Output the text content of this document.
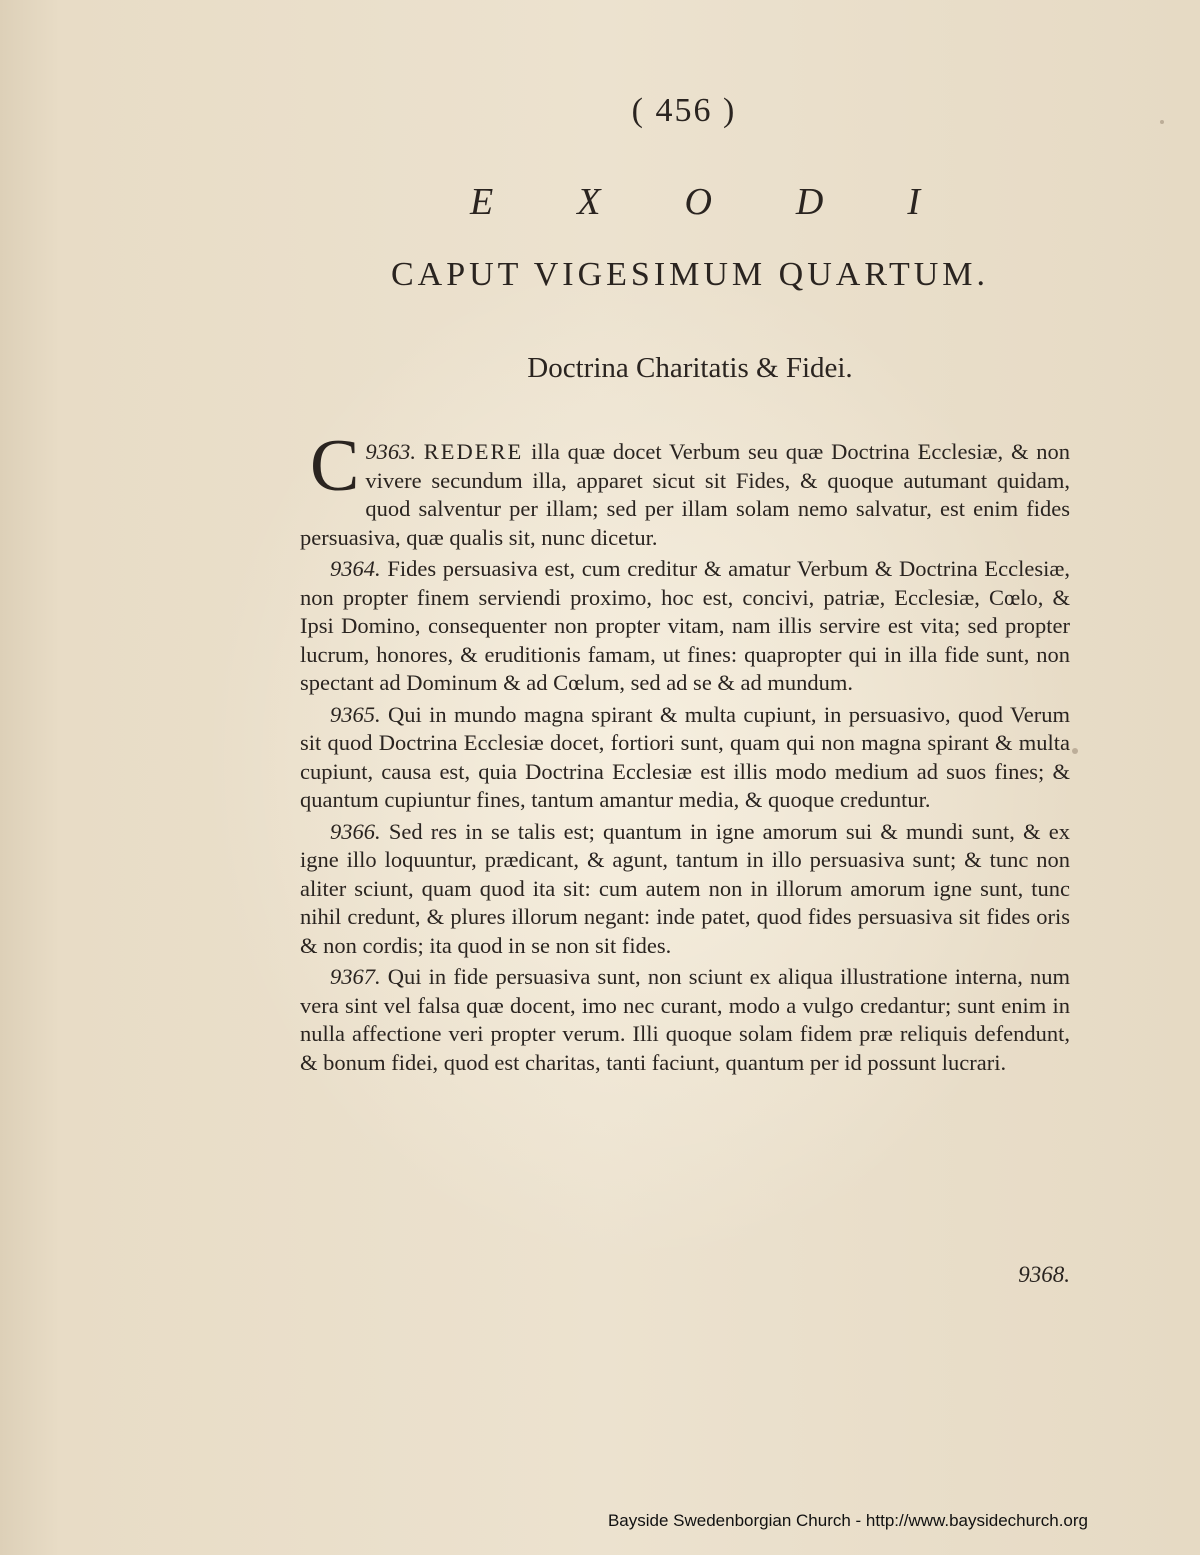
( 456 )
E X O D I
CAPUT VIGESIMUM QUARTUM.
Doctrina Charitatis & Fidei.

9363.
C	REDERE illa quæ docet Verbum seu quæ Doctrina Ecclesiæ, & non vivere secundum illa, apparet sicut sit Fides, & quoque autumant quidam, quod salventur per illam; sed per illam solam nemo salvatur, est enim fides persuasiva, quæ qualis sit, nunc dicetur.

9364. Fides persuasiva est, cum creditur & amatur Verbum & Doctrina Ecclesiæ, non propter finem serviendi proximo, hoc est, concivi, patriæ, Ecclesiæ, Cœlo, & Ipsi Domino, consequenter non propter vitam, nam illis servire est vita; sed propter lucrum, honores, & eruditionis famam, ut fines: quapropter qui in illa fide sunt, non spectant ad Dominum & ad Cœlum, sed ad se & ad mundum.

9365. Qui in mundo magna spirant & multa cupiunt, in persuasivo, quod Verum sit quod Doctrina Ecclesiæ docet, fortiori sunt, quam qui non magna spirant & multa cupiunt, causa est, quia Doctrina Ecclesiæ est illis modo medium ad suos fines; & quantum cupiuntur fines, tantum amantur media, & quoque creduntur.

9366. Sed res in se talis est; quantum in igne amorum sui & mundi sunt, & ex igne illo loquuntur, prædicant, & agunt, tantum in illo persuasiva sunt; & tunc non aliter sciunt, quam quod ita sit: cum autem non in illorum amorum igne sunt, tunc nihil credunt, & plures illorum negant: inde patet, quod fides persuasiva sit fides oris & non cordis; ita quod in se non sit fides.

9367. Qui in fide persuasiva sunt, non sciunt ex aliqua illustratione interna, num vera sint vel falsa quæ docent, imo nec curant, modo a vulgo credantur; sunt enim in nulla affectione veri propter verum. Illi quoque solam fidem præ reliquis defendunt, & bonum fidei, quod est charitas, tanti faciunt, quantum per id possunt lucrari.

9368.
Bayside Swedenborgian Church - http://www.baysidechurch.org
